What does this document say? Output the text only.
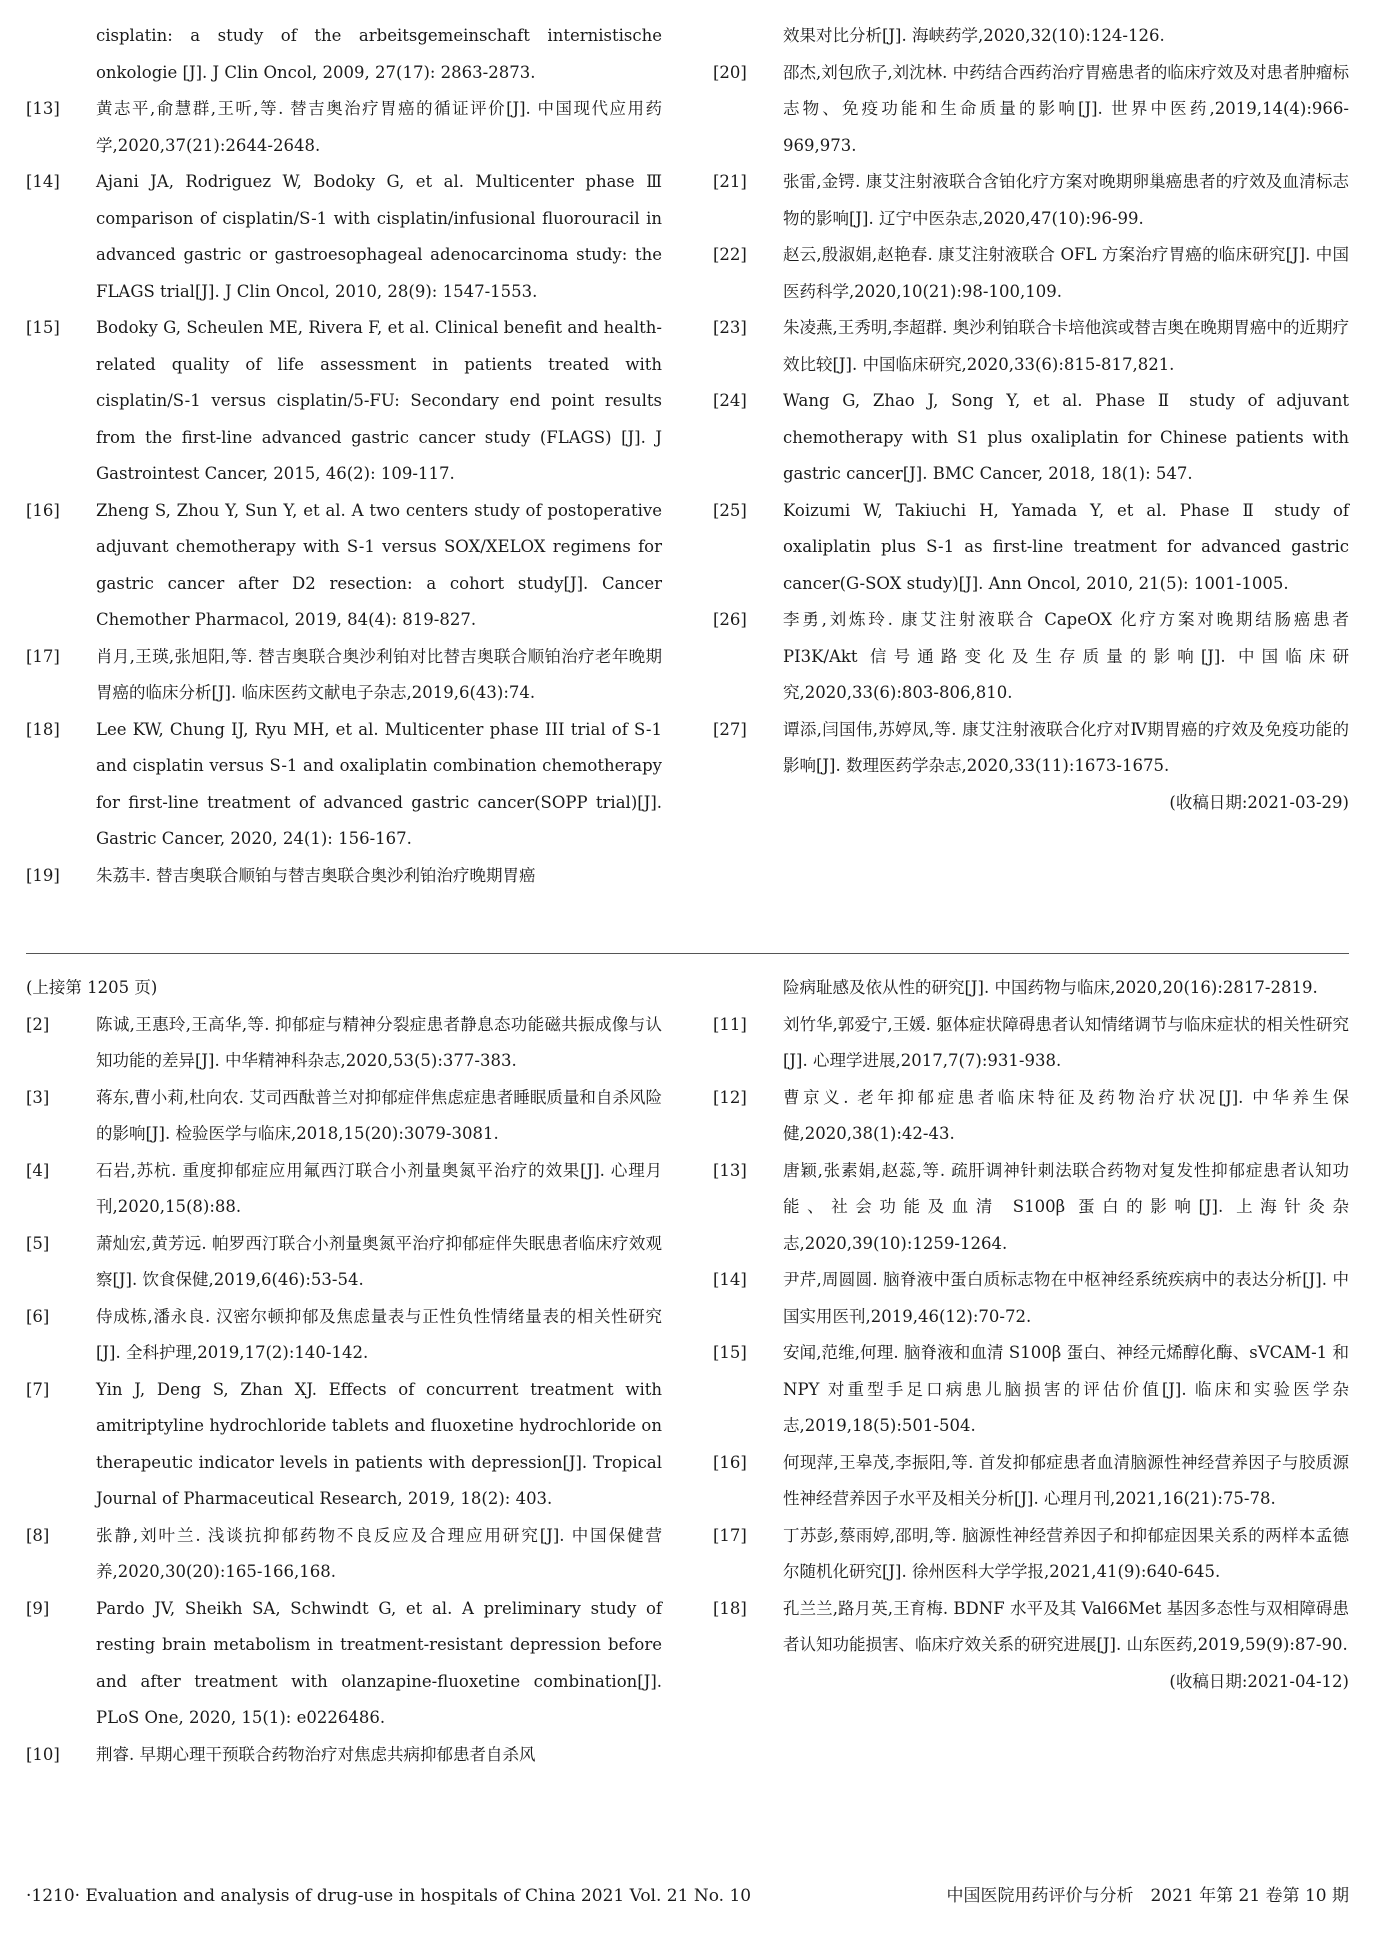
cisplatin: a study of the arbeitsgemeinschaft internistische onkologie [J]. J Clin Oncol, 2009, 27(17): 2863-2873.
[13]	黄志平,俞慧群,王听,等. 替吉奥治疗胃癌的循证评价[J]. 中国现代应用药学,2020,37(21):2644-2648.
[14]	Ajani JA, Rodriguez W, Bodoky G, et al. Multicenter phase Ⅲ comparison of cisplatin/S-1 with cisplatin/infusional fluorouracil in advanced gastric or gastroesophageal adenocarcinoma study: the FLAGS trial[J]. J Clin Oncol, 2010, 28(9): 1547-1553.
[15]	Bodoky G, Scheulen ME, Rivera F, et al. Clinical benefit and health-related quality of life assessment in patients treated with cisplatin/S-1 versus cisplatin/5-FU: Secondary end point results from the first-line advanced gastric cancer study (FLAGS) [J]. J Gastrointest Cancer, 2015, 46(2): 109-117.
[16]	Zheng S, Zhou Y, Sun Y, et al. A two centers study of postoperative adjuvant chemotherapy with S-1 versus SOX/XELOX regimens for gastric cancer after D2 resection: a cohort study[J]. Cancer Chemother Pharmacol, 2019, 84(4): 819-827.
[17]	肖月,王瑛,张旭阳,等. 替吉奥联合奥沙利铂对比替吉奥联合顺铂治疗老年晚期胃癌的临床分析[J]. 临床医药文献电子杂志,2019,6(43):74.
[18]	Lee KW, Chung IJ, Ryu MH, et al. Multicenter phase III trial of S-1 and cisplatin versus S-1 and oxaliplatin combination chemotherapy for first-line treatment of advanced gastric cancer(SOPP trial)[J]. Gastric Cancer, 2020, 24(1): 156-167.
[19]	朱荔丰. 替吉奥联合顺铂与替吉奥联合奥沙利铂治疗晚期胃癌
效果对比分析[J]. 海峡药学,2020,32(10):124-126.
[20]	邵杰,刘包欣子,刘沈林. 中药结合西药治疗胃癌患者的临床疗效及对患者肿瘤标志物、免疫功能和生命质量的影响[J]. 世界中医药,2019,14(4):966-969,973.
[21]	张雷,金锷. 康艾注射液联合含铂化疗方案对晚期卵巢癌患者的疗效及血清标志物的影响[J]. 辽宁中医杂志,2020,47(10):96-99.
[22]	赵云,殷淑娟,赵艳春. 康艾注射液联合 OFL 方案治疗胃癌的临床研究[J]. 中国医药科学,2020,10(21):98-100,109.
[23]	朱凌燕,王秀明,李超群. 奥沙利铂联合卡培他滨或替吉奥在晚期胃癌中的近期疗效比较[J]. 中国临床研究,2020,33(6):815-817,821.
[24]	Wang G, Zhao J, Song Y, et al. Phase Ⅱ study of adjuvant chemotherapy with S1 plus oxaliplatin for Chinese patients with gastric cancer[J]. BMC Cancer, 2018, 18(1): 547.
[25]	Koizumi W, Takiuchi H, Yamada Y, et al. Phase Ⅱ study of oxaliplatin plus S-1 as first-line treatment for advanced gastric cancer(G-SOX study)[J]. Ann Oncol, 2010, 21(5): 1001-1005.
[26]	李勇,刘炼玲. 康艾注射液联合 CapeOX 化疗方案对晚期结肠癌患者 PI3K/Akt 信号通路变化及生存质量的影响[J]. 中国临床研究,2020,33(6):803-806,810.
[27]	谭添,闫国伟,苏婷凤,等. 康艾注射液联合化疗对Ⅳ期胃癌的疗效及免疫功能的影响[J]. 数理医药学杂志,2020,33(11):1673-1675.
(收稿日期:2021-03-29)
(上接第 1205 页)
[2]	陈诚,王惠玲,王高华,等. 抑郁症与精神分裂症患者静息态功能磁共振成像与认知功能的差异[J]. 中华精神科杂志,2020,53(5):377-383.
[3]	蒋东,曹小莉,杜向农. 艾司西酞普兰对抑郁症伴焦虑症患者睡眠质量和自杀风险的影响[J]. 检验医学与临床,2018,15(20):3079-3081.
[4]	石岩,苏杭. 重度抑郁症应用氟西汀联合小剂量奥氮平治疗的效果[J]. 心理月刊,2020,15(8):88.
[5]	萧灿宏,黄芳远. 帕罗西汀联合小剂量奥氮平治疗抑郁症伴失眠患者临床疗效观察[J]. 饮食保健,2019,6(46):53-54.
[6]	侍成栋,潘永良. 汉密尔顿抑郁及焦虑量表与正性负性情绪量表的相关性研究[J]. 全科护理,2019,17(2):140-142.
[7]	Yin J, Deng S, Zhan XJ. Effects of concurrent treatment with amitriptyline hydrochloride tablets and fluoxetine hydrochloride on therapeutic indicator levels in patients with depression[J]. Tropical Journal of Pharmaceutical Research, 2019, 18(2): 403.
[8]	张静,刘叶兰. 浅谈抗抑郁药物不良反应及合理应用研究[J]. 中国保健营养,2020,30(20):165-166,168.
[9]	Pardo JV, Sheikh SA, Schwindt G, et al. A preliminary study of resting brain metabolism in treatment-resistant depression before and after treatment with olanzapine-fluoxetine combination[J]. PLoS One, 2020, 15(1): e0226486.
[10]	荆睿. 早期心理干预联合药物治疗对焦虑共病抑郁患者自杀风
险病耻感及依从性的研究[J]. 中国药物与临床,2020,20(16):2817-2819.
[11]	刘竹华,郭爱宁,王媛. 躯体症状障碍患者认知情绪调节与临床症状的相关性研究[J]. 心理学进展,2017,7(7):931-938.
[12]	曹京义. 老年抑郁症患者临床特征及药物治疗状况[J]. 中华养生保健,2020,38(1):42-43.
[13]	唐颖,张素娟,赵蕊,等. 疏肝调神针刺法联合药物对复发性抑郁症患者认知功能、社会功能及血清 S100β 蛋白的影响[J]. 上海针灸杂志,2020,39(10):1259-1264.
[14]	尹芹,周圆圆. 脑脊液中蛋白质标志物在中枢神经系统疾病中的表达分析[J]. 中国实用医刊,2019,46(12):70-72.
[15]	安闻,范维,何理. 脑脊液和血清 S100β 蛋白、神经元烯醇化酶、sVCAM-1 和 NPY 对重型手足口病患儿脑损害的评估价值[J]. 临床和实验医学杂志,2019,18(5):501-504.
[16]	何现萍,王皋茂,李振阳,等. 首发抑郁症患者血清脑源性神经营养因子与胶质源性神经营养因子水平及相关分析[J]. 心理月刊,2021,16(21):75-78.
[17]	丁苏彭,蔡雨婷,邵明,等. 脑源性神经营养因子和抑郁症因果关系的两样本孟德尔随机化研究[J]. 徐州医科大学学报,2021,41(9):640-645.
[18]	孔兰兰,路月英,王育梅. BDNF 水平及其 Val66Met 基因多态性与双相障碍患者认知功能损害、临床疗效关系的研究进展[J]. 山东医药,2019,59(9):87-90.
(收稿日期:2021-04-12)
·1210· Evaluation and analysis of drug-use in hospitals of China 2021 Vol. 21 No. 10	中国医院用药评价与分析　2021 年第 21 卷第 10 期
